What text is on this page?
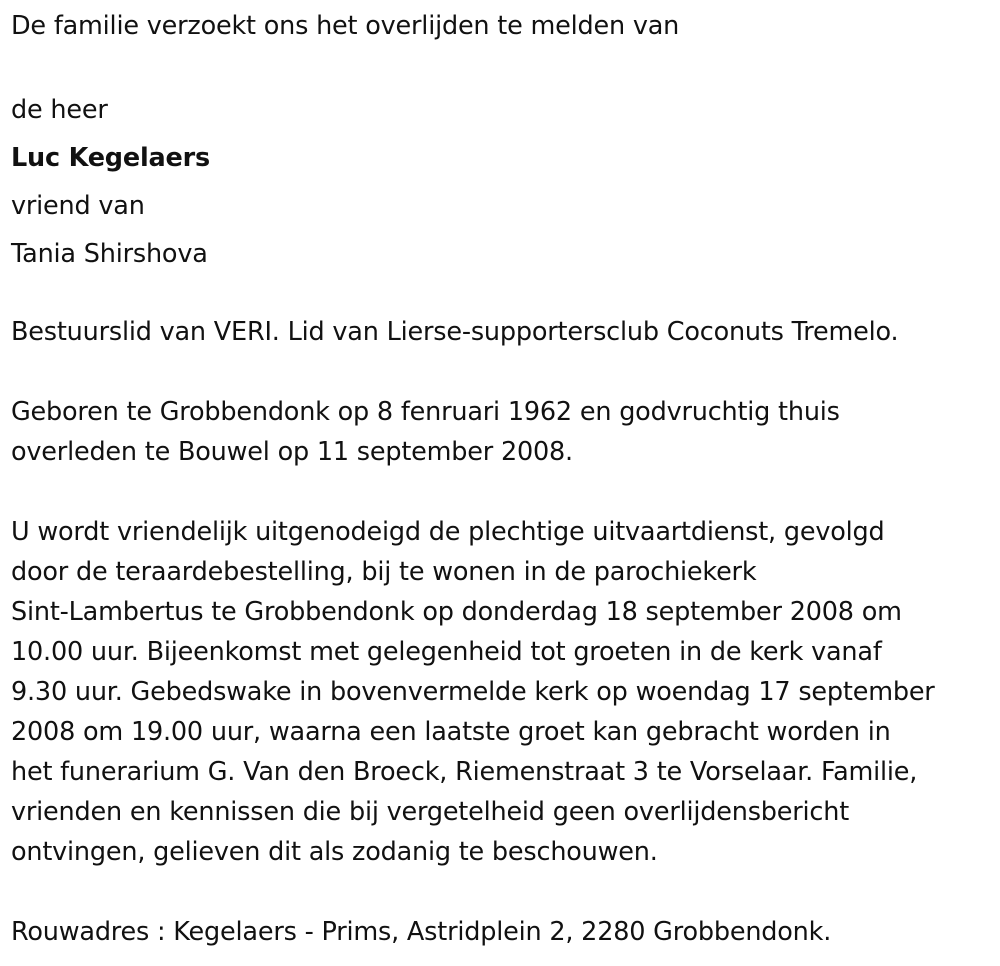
De familie verzoekt ons het overlijden te melden van
de heer
Luc Kegelaers
vriend van
Tania Shirshova
Bestuurslid van VERI. Lid van Lierse-supportersclub Coconuts Tremelo.
Geboren te Grobbendonk op 8 fenruari 1962 en godvruchtig thuis
overleden te Bouwel op 11 september 2008.
U wordt vriendelijk uitgenodeigd de plechtige uitvaartdienst, gevolgd
door de teraardebestelling, bij te wonen in de parochiekerk
Sint-Lambertus te Grobbendonk op donderdag 18 september 2008 om
10.00 uur. Bijeenkomst met gelegenheid tot groeten in de kerk vanaf
9.30 uur. Gebedswake in bovenvermelde kerk op woendag 17 september
2008 om 19.00 uur, waarna een laatste groet kan gebracht worden in
het funerarium G. Van den Broeck, Riemenstraat 3 te Vorselaar. Familie,
vrienden en kennissen die bij vergetelheid geen overlijdensbericht
ontvingen, gelieven dit als zodanig te beschouwen.
Rouwadres : Kegelaers - Prims, Astridplein 2, 2280 Grobbendonk.
